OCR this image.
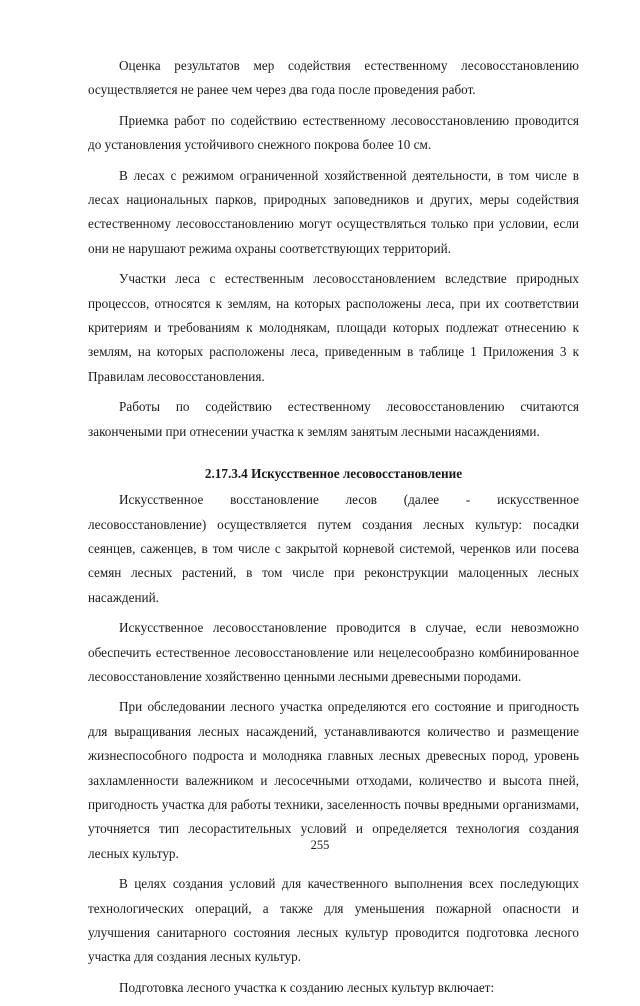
Оценка результатов мер содействия естественному лесовосстановлению осуществляется не ранее чем через два года после проведения работ.

Приемка работ по содействию естественному лесовосстановлению проводится до установления устойчивого снежного покрова более 10 см.

В лесах с режимом ограниченной хозяйственной деятельности, в том числе в лесах национальных парков, природных заповедников и других, меры содействия естественному лесовосстановлению могут осуществляться только при условии, если они не нарушают режима охраны соответствующих территорий.

Участки леса с естественным лесовосстановлением вследствие природных процессов, относятся к землям, на которых расположены леса, при их соответствии критериям и требованиям к молоднякам, площади которых подлежат отнесению к землям, на которых расположены леса, приведенным в таблице 1 Приложения 3 к Правилам лесовосстановления.

Работы по содействию естественному лесовосстановлению считаются закончеными при отнесении участка к землям занятым лесными насаждениями.

2.17.3.4 Искусственное лесовосстановление

Искусственное восстановление лесов (далее - искусственное лесовосстановление) осуществляется путем создания лесных культур: посадки сеянцев, саженцев, в том числе с закрытой корневой системой, черенков или посева семян лесных растений, в том числе при реконструкции малоценных лесных насаждений.

Искусственное лесовосстановление проводится в случае, если невозможно обеспечить естественное лесовосстановление или нецелесообразно комбинированное лесовосстановление хозяйственно ценными лесными древесными породами.

При обследовании лесного участка определяются его состояние и пригодность для выращивания лесных насаждений, устанавливаются количество и размещение жизнеспособного подроста и молодняка главных лесных древесных пород, уровень захламленности валежником и лесосечными отходами, количество и высота пней, пригодность участка для работы техники, заселенность почвы вредными организмами, уточняется тип лесорастительных условий и определяется технология создания лесных культур.

В целях создания условий для качественного выполнения всех последующих технологических операций, а также для уменьшения пожарной опасности и улучшения санитарного состояния лесных культур проводится подготовка лесного участка для создания лесных культур.

Подготовка лесного участка к созданию лесных культур включает:

255
